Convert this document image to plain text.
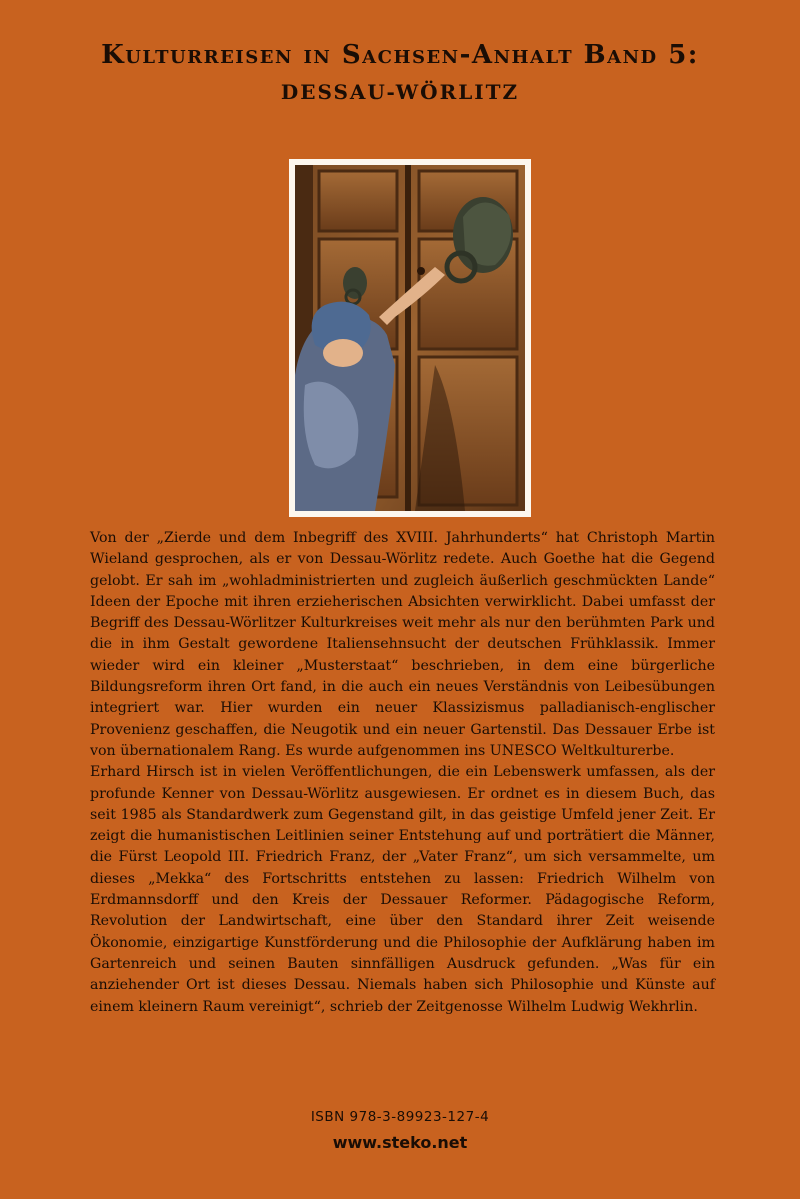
Kulturreisen in Sachsen-Anhalt Band 5:
DESSAU-WÖRLITZ

Von der „Zierde und dem Inbegriff des XVIII. Jahrhunderts“ hat Christoph Martin Wieland gesprochen, als er von Dessau-Wörlitz redete. Auch Goethe hat die Gegend gelobt. Er sah im „wohladministrierten und zugleich äußerlich geschmückten Lande“ Ideen der Epoche mit ihren erzieherischen Absichten verwirklicht. Dabei umfasst der Begriff des Dessau-Wörlitzer Kulturkreises weit mehr als nur den berühmten Park und die in ihm Gestalt gewordene Italiensehnsucht der deutschen Frühklassik. Immer wieder wird ein kleiner „Musterstaat“ beschrieben, in dem eine bürgerliche Bildungsreform ihren Ort fand, in die auch ein neues Verständnis von Leibesübungen integriert war. Hier wurden ein neuer Klassizismus palladianisch-englischer Provenienz geschaffen, die Neugotik und ein neuer Gartenstil. Das Dessauer Erbe ist von übernationalem Rang. Es wurde aufgenommen ins UNESCO Weltkulturerbe.

Erhard Hirsch ist in vielen Veröffentlichungen, die ein Lebenswerk umfassen, als der profunde Kenner von Dessau-Wörlitz ausgewiesen. Er ordnet es in diesem Buch, das seit 1985 als Standardwerk zum Gegenstand gilt, in das geistige Umfeld jener Zeit. Er zeigt die humanistischen Leitlinien seiner Entstehung auf und porträtiert die Männer, die Fürst Leopold III. Friedrich Franz, der „Vater Franz“, um sich versammelte, um dieses „Mekka“ des Fortschritts entstehen zu lassen: Friedrich Wilhelm von Erdmannsdorff und den Kreis der Dessauer Reformer. Pädagogische Reform, Revolution der Landwirtschaft, eine über den Standard ihrer Zeit weisende Ökonomie, einzigartige Kunstförderung und die Philosophie der Aufklärung haben im Gartenreich und seinen Bauten sinnfälligen Ausdruck gefunden. „Was für ein anziehender Ort ist dieses Dessau. Niemals haben sich Philosophie und Künste auf einem kleinern Raum vereinigt“, schrieb der Zeitgenosse Wilhelm Ludwig Wekhrlin.

ISBN 978-3-89923-127-4
www.steko.net
